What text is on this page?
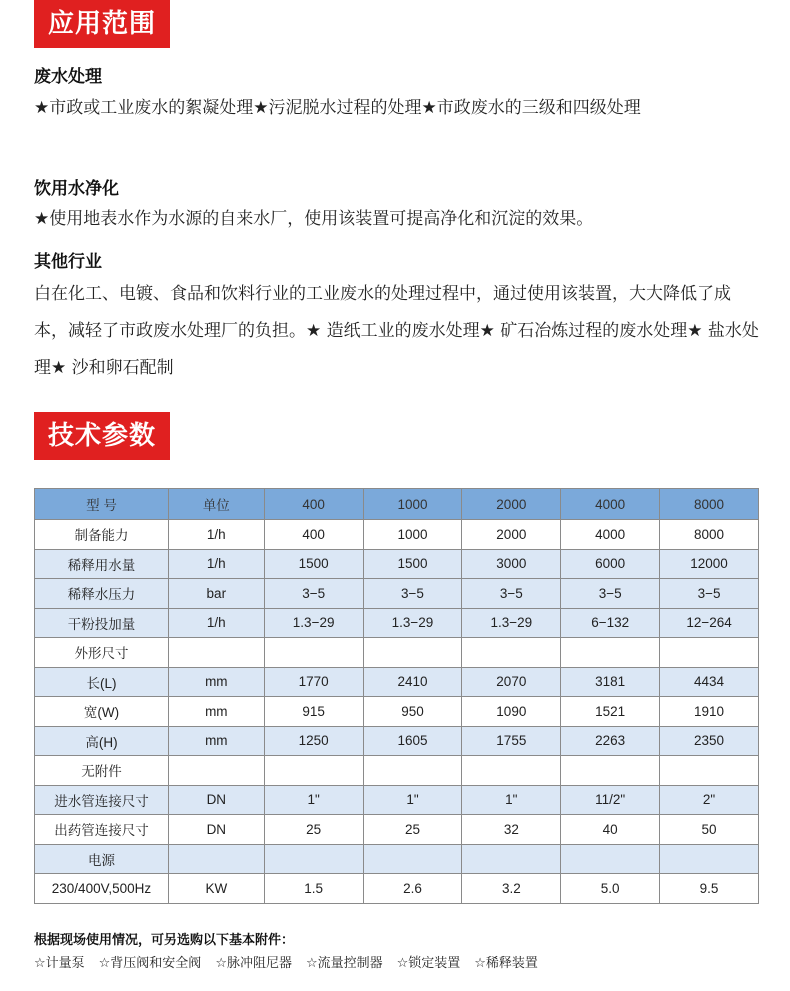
应用范围
废水处理
★市政或工业废水的絮凝处理★污泥脱水过程的处理★市政废水的三级和四级处理
饮用水净化
★使用地表水作为水源的自来水厂，使用该装置可提高净化和沉淀的效果。
其他行业
白在化工、电镀、食品和饮料行业的工业废水的处理过程中，通过使用该装置，大大降低了成本，减轻了市政废水处理厂的负担。★ 造纸工业的废水处理★ 矿石冶炼过程的废水处理★ 盐水处理★ 沙和卵石配制
技术参数
型 号	单位	400	1000	2000	4000	8000
制备能力	1/h	400	1000	2000	4000	8000
稀释用水量	1/h	1500	1500	3000	6000	12000
稀释水压力	bar	3−5	3−5	3−5	3−5	3−5
干粉投加量	1/h	1.3−29	1.3−29	1.3−29	6−132	12−264
外形尺寸						
长(L)	mm	1770	2410	2070	3181	4434
宽(W)	mm	915	950	1090	1521	1910
高(H)	mm	1250	1605	1755	2263	2350
无附件						
进水管连接尺寸	DN	1"	1"	1"	11/2"	2"
出药管连接尺寸	DN	25	25	32	40	50
电源						
230/400V,500Hz	KW	1.5	2.6	3.2	5.0	9.5
根据现场使用情况，可另选购以下基本附件：
☆计量泵 ☆背压阀和安全阀 ☆脉冲阻尼器 ☆流量控制器 ☆锁定装置 ☆稀释装置
